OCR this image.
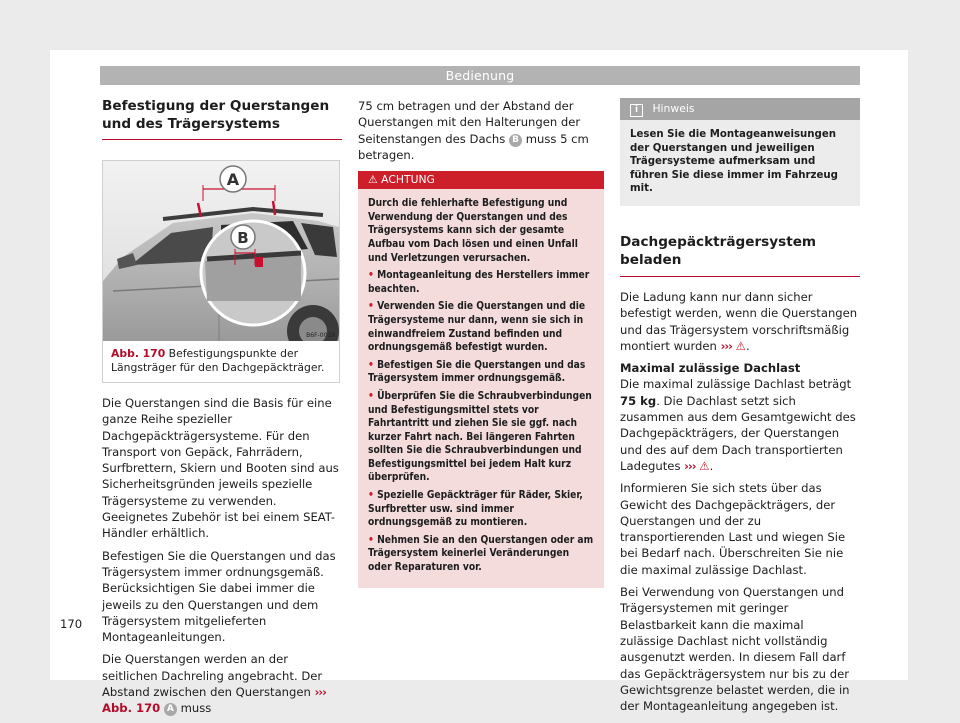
Bedienung
Befestigung der Querstangen und des Trägersystems
A
B
B6F-0019
Abb. 170 Befestigungspunkte der Längsträger für den Dachgepäckträger.

Die Querstangen sind die Basis für eine ganze Reihe spezieller Dachgepäckträgersysteme. Für den Transport von Gepäck, Fahrrädern, Surfbrettern, Skiern und Booten sind aus Sicherheitsgründen jeweils spezielle Trägersysteme zu verwenden. Geeignetes Zubehör ist bei einem SEAT-Händler erhältlich.

Befestigen Sie die Querstangen und das Trägersystem immer ordnungsgemäß. Berücksichtigen Sie dabei immer die jeweils zu den Querstangen und dem Trägersystem mitgelieferten Montageanleitungen.

Die Querstangen werden an der seitlichen Dachreling angebracht. Der Abstand zwischen den Querstangen ››› Abb. 170 A muss

75 cm betragen und der Abstand der Querstangen mit den Halterungen der Seitenstangen des Dachs B muss 5 cm betragen.

⚠ ACHTUNG

Durch die fehlerhafte Befestigung und Verwendung der Querstangen und des Trägersystems kann sich der gesamte Aufbau vom Dach lösen und einen Unfall und Verletzungen verursachen.

• Montageanleitung des Herstellers immer beachten.

• Verwenden Sie die Querstangen und die Trägersysteme nur dann, wenn sie sich in einwandfreiem Zustand befinden und ordnungsgemäß befestigt wurden.

• Befestigen Sie die Querstangen und das Trägersystem immer ordnungsgemäß.

• Überprüfen Sie die Schraubverbindungen und Befestigungsmittel stets vor Fahrtantritt und ziehen Sie sie ggf. nach kurzer Fahrt nach. Bei längeren Fahrten sollten Sie die Schraubverbindungen und Befestigungsmittel bei jedem Halt kurz überprüfen.

• Spezielle Gepäckträger für Räder, Skier, Surfbretter usw. sind immer ordnungsgemäß zu montieren.

• Nehmen Sie an den Querstangen oder am Trägersystem keinerlei Veränderungen oder Reparaturen vor.

i Hinweis
Lesen Sie die Montageanweisungen der Querstangen und jeweiligen Trägersysteme aufmerksam und führen Sie diese immer im Fahrzeug mit.
Dachgepäckträgersystem beladen

Die Ladung kann nur dann sicher befestigt werden, wenn die Querstangen und das Trägersystem vorschriftsmäßig montiert wurden ››› ⚠.

Maximal zulässige Dachlast

Die maximal zulässige Dachlast beträgt 75 kg. Die Dachlast setzt sich zusammen aus dem Gesamtgewicht des Dachgepäckträgers, der Querstangen und des auf dem Dach transportierten Ladegutes ››› ⚠.

Informieren Sie sich stets über das Gewicht des Dachgepäckträgers, der Querstangen und der zu transportierenden Last und wiegen Sie bei Bedarf nach. Überschreiten Sie nie die maximal zulässige Dachlast.

Bei Verwendung von Querstangen und Trägersystemen mit geringer Belastbarkeit kann die maximal zulässige Dachlast nicht vollständig ausgenutzt werden. In diesem Fall darf das Gepäckträgersystem nur bis zu der Gewichtsgrenze belastet werden, die in der Montageanleitung angegeben ist.

170
